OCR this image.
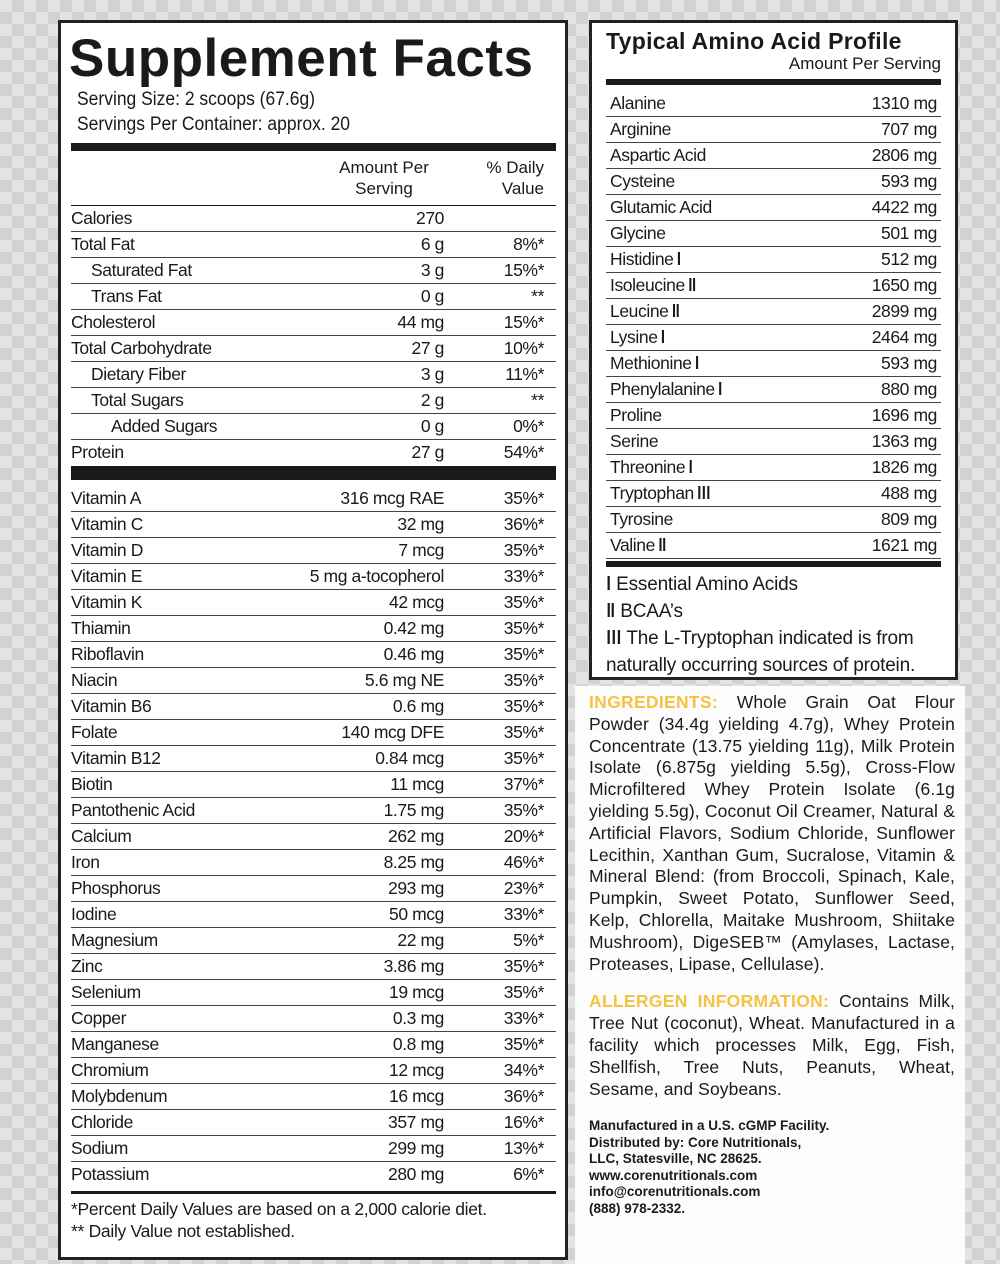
Supplement Facts
Serving Size: 2 scoops (67.6g)
Servings Per Container: approx. 20
Amount Per
Serving
% Daily
Value
Calories	270
Total Fat	6 g	8%*
Saturated Fat	3 g	15%*
Trans Fat	0 g	**
Cholesterol	44 mg	15%*
Total Carbohydrate	27 g	10%*
Dietary Fiber	3 g	11%*
Total Sugars	2 g	**
Added Sugars	0 g	0%*
Protein	27 g	54%*
Vitamin A	316 mcg RAE	35%*
Vitamin C	32 mg	36%*
Vitamin D	7 mcg	35%*
Vitamin E	5 mg a-tocopherol	33%*
Vitamin K	42 mcg	35%*
Thiamin	0.42 mg	35%*
Riboflavin	0.46 mg	35%*
Niacin	5.6 mg NE	35%*
Vitamin B6	0.6 mg	35%*
Folate	140 mcg DFE	35%*
Vitamin B12	0.84 mcg	35%*
Biotin	11 mcg	37%*
Pantothenic Acid	1.75 mg	35%*
Calcium	262 mg	20%*
Iron	8.25 mg	46%*
Phosphorus	293 mg	23%*
Iodine	50 mcg	33%*
Magnesium	22 mg	5%*
Zinc	3.86 mg	35%*
Selenium	19 mcg	35%*
Copper	0.3 mg	33%*
Manganese	0.8 mg	35%*
Chromium	12 mcg	34%*
Molybdenum	16 mcg	36%*
Chloride	357 mg	16%*
Sodium	299 mg	13%*
Potassium	280 mg	6%*
*Percent Daily Values are based on a 2,000 calorie diet.
** Daily Value not established.
Typical Amino Acid Profile
Amount Per Serving
Alanine	1310 mg
Arginine	707 mg
Aspartic Acid	2806 mg
Cysteine	593 mg
Glutamic Acid	4422 mg
Glycine	501 mg
Histidine ǀ	512 mg
Isoleucine ǁ	1650 mg
Leucine ǁ	2899 mg
Lysine ǀ	2464 mg
Methionine ǀ	593 mg
Phenylalanine ǀ	880 mg
Proline	1696 mg
Serine	1363 mg
Threonine ǀ	1826 mg
Tryptophan ǀǀǀ	488 mg
Tyrosine	809 mg
Valine ǁ	1621 mg
ǀ Essential Amino Acids
ǁ BCAA’s
ǀǀǀ The L-Tryptophan indicated is from
naturally occurring sources of protein.
INGREDIENTS: Whole Grain Oat Flour Powder (34.4g yielding 4.7g), Whey Protein Concentrate (13.75 yielding 11g), Milk Protein Isolate (6.875g yielding 5.5g), Cross-Flow Microfiltered Whey Protein Isolate (6.1g yielding 5.5g), Coconut Oil Creamer, Natural & Artificial Flavors, Sodium Chloride, Sunflower Lecithin, Xanthan Gum, Sucralose, Vitamin & Mineral Blend: (from Broccoli, Spinach, Kale, Pumpkin, Sweet Potato, Sunflower Seed, Kelp, Chlorella, Maitake Mushroom, Shiitake Mushroom), DigeSEB™ (Amylases, Lactase, Proteases, Lipase, Cellulase).
ALLERGEN INFORMATION: Contains Milk, Tree Nut (coconut), Wheat. Manufactured in a facility which processes Milk, Egg, Fish, Shellfish, Tree Nuts, Peanuts, Wheat, Sesame, and Soybeans.
Manufactured in a U.S. cGMP Facility.
Distributed by: Core Nutritionals,
LLC, Statesville, NC 28625.
www.corenutritionals.com
info@corenutritionals.com
(888) 978-2332.
